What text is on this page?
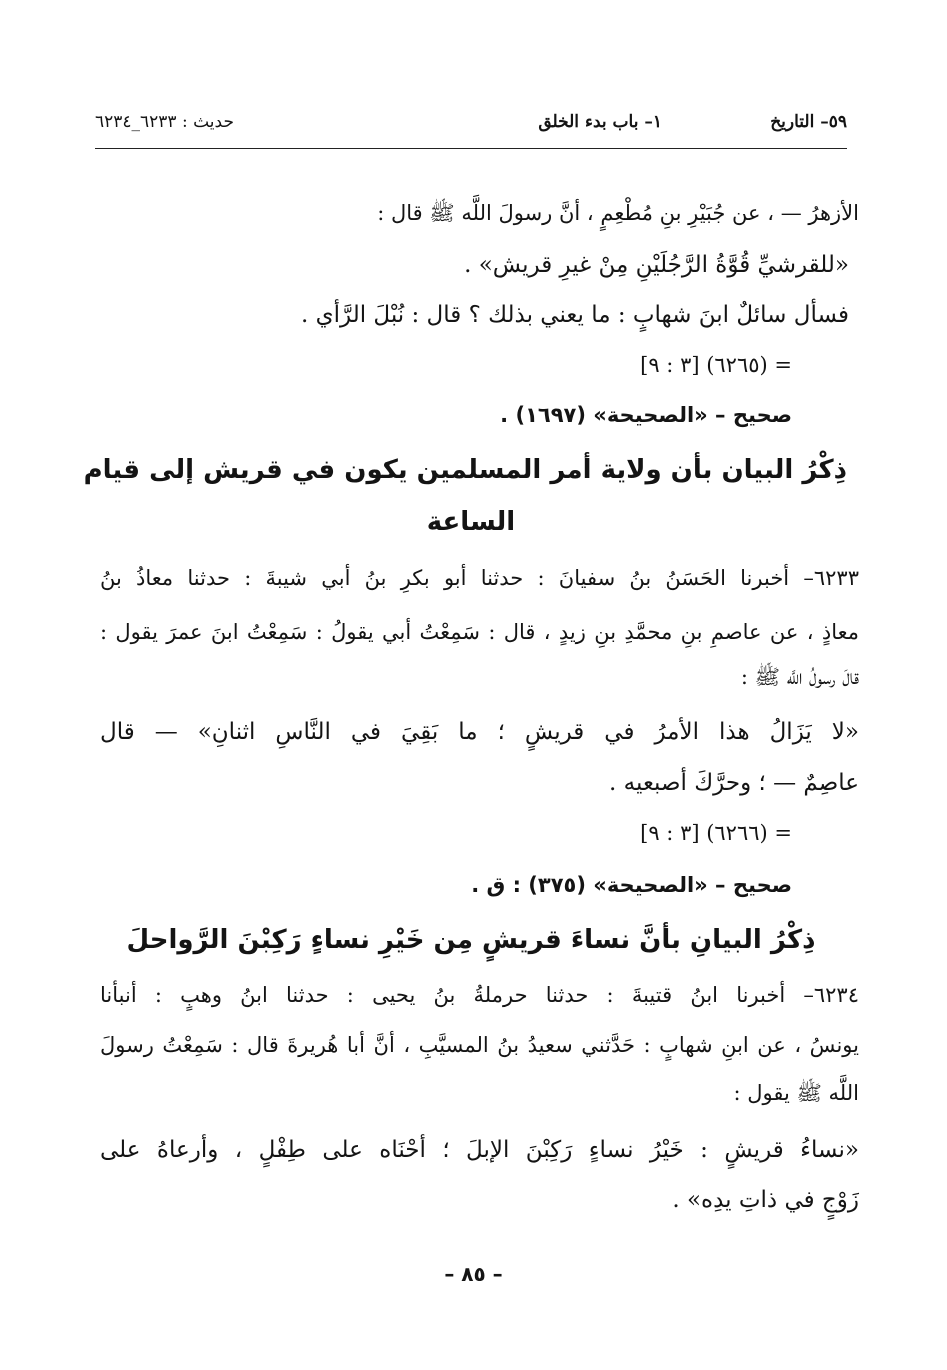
٥٩– التاريخ
١– باب بدء الخلق
حديث : ٦٢٣٣_٦٢٣٤
الأزهرُ — ، عن جُبَيْرِ بنِ مُطْعِمٍ ، أنَّ رسولَ اللَّه ﷺ قال :
«للقرشيِّ قُوَّةُ الرَّجُلَيْنِ مِنْ غيرِ قريش» .
فسأل سائلٌ ابنَ شهابٍ : ما يعني بذلك ؟ قال : نُبْلَ الرَّأي .
= (٦٢٦٥) [٣ : ٩]
صحيح – «الصحيحة» (١٦٩٧) .
ذِكْرُ البيان بأن ولاية أمر المسلمين يكون في قريش إلى قيام
الساعة
٦٢٣٣– أخبرنا الحَسَنُ بنُ سفيانَ : حدثنا أبو بكرِ بنُ أبي شيبةَ : حدثنا معاذُ بنُ
معاذٍ ، عن عاصمِ بنِ محمَّدِ بنِ زيدٍ ، قال : سَمِعْتُ أبي يقولُ : سَمِعْتُ ابنَ عمرَ يقول :
قالَ رسولُ اللَّه ﷺ :
«لا يَزَالُ هذا الأمرُ في قريشٍ ؛ ما بَقِيَ في النَّاسِ اثنانِ» — قال
عاصِمٌ — ؛ وحرَّكَ أصبعيه .
= (٦٢٦٦) [٣ : ٩]
صحيح – «الصحيحة» (٣٧٥) : ق .
ذِكْرُ البيانِ بأنَّ نساءَ قريشٍ مِن خَيْرِ نساءٍ رَكِبْنَ الرَّواحلَ
٦٢٣٤– أخبرنا ابنُ قتيبةَ : حدثنا حرملةُ بنُ يحيى : حدثنا ابنُ وهبٍ : أنبأنا
يونسُ ، عن ابنِ شهابٍ : حَدَّثني سعيدُ بنُ المسيَّبِ ، أنَّ أبا هُريرةَ قال : سَمِعْتُ رسولَ
اللَّه ﷺ يقول :
«نساءُ قريشٍ : خَيْرُ نساءٍ رَكِبْنَ الإبلَ ؛ أحْنَاه على طِفْلٍ ، وأرعاهُ على
زَوْجٍ في ذاتِ يدِه» .
– ٨٥ –
